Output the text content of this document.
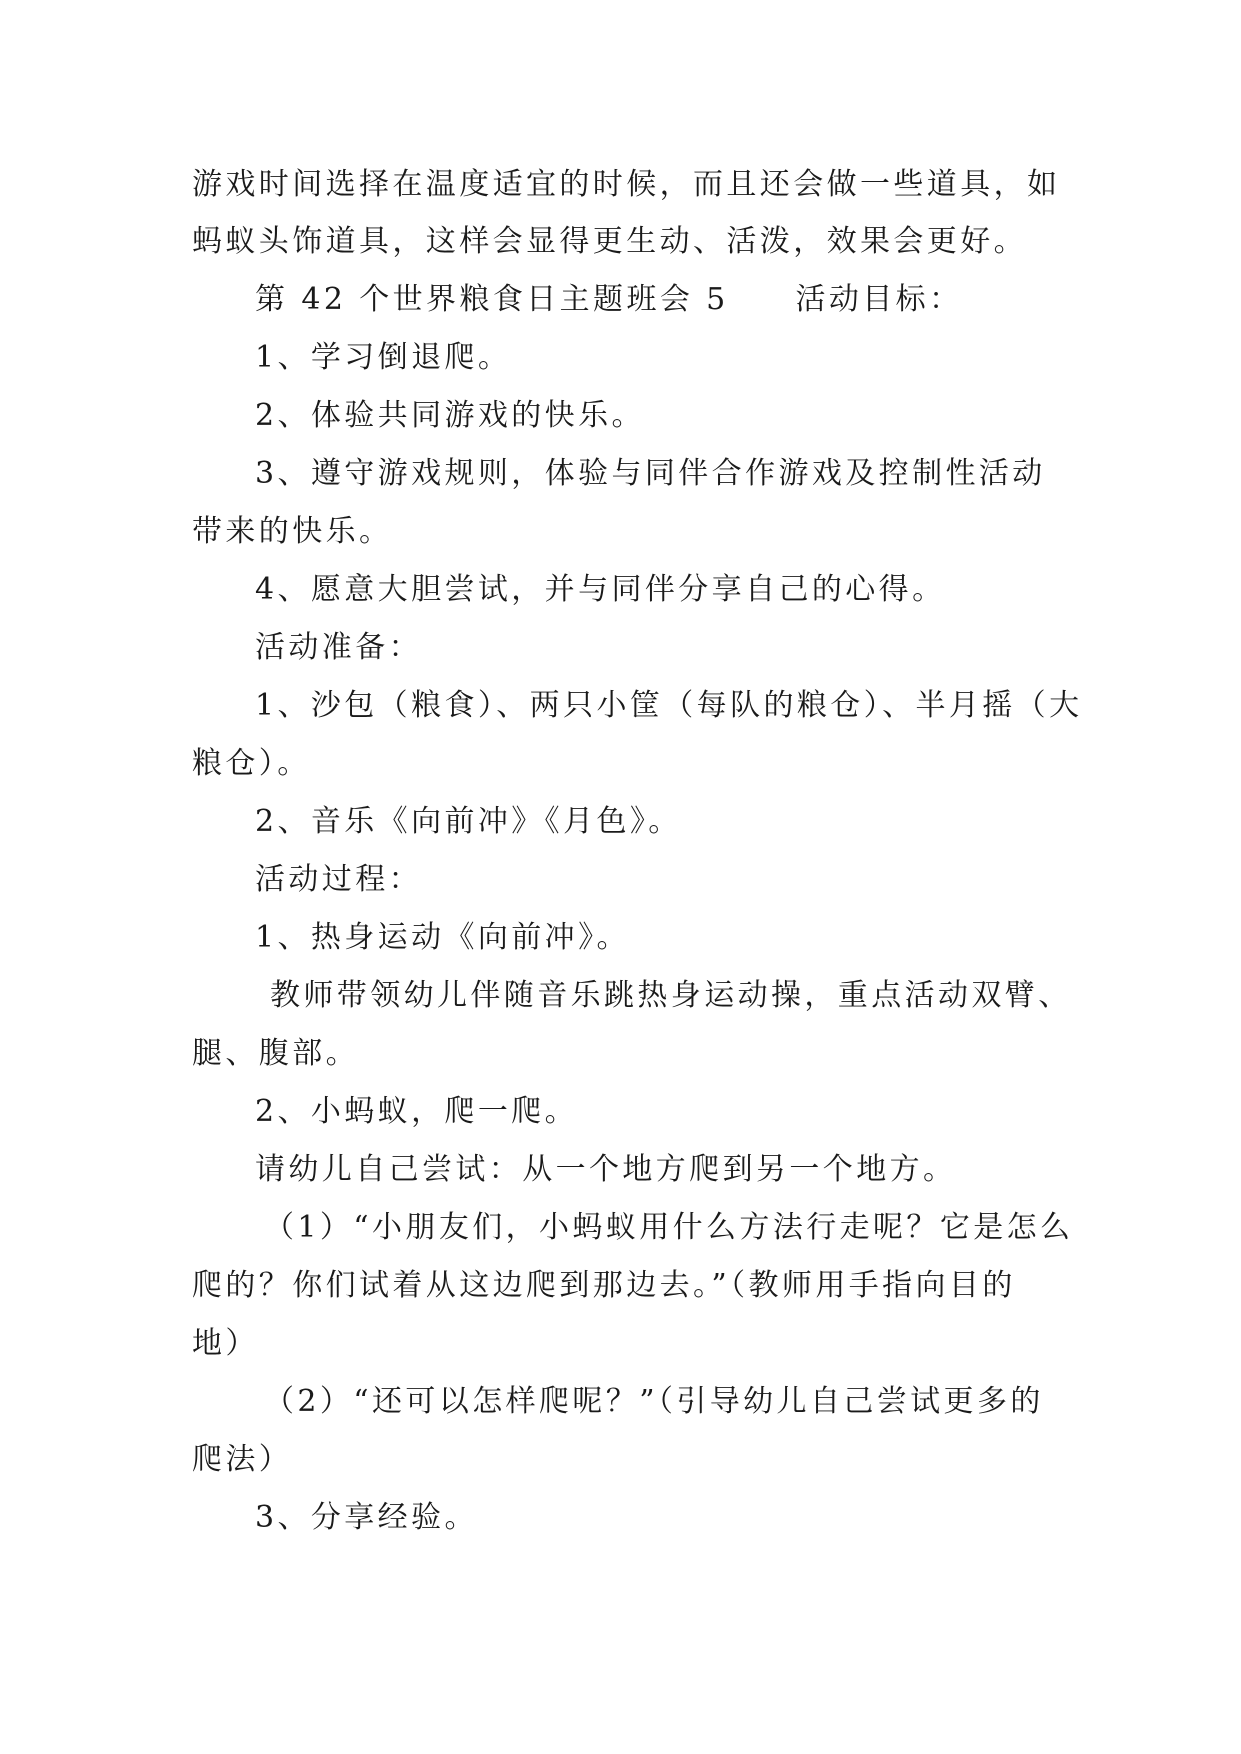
游戏时间选择在温度适宜的时候，而且还会做一些道具，如
蚂蚁头饰道具，这样会显得更生动、活泼，效果会更好。
第 42 个世界粮食日主题班会 5　　活动目标：
1、学习倒退爬。
2、体验共同游戏的快乐。
3、遵守游戏规则，体验与同伴合作游戏及控制性活动
带来的快乐。
4、愿意大胆尝试，并与同伴分享自己的心得。
活动准备：
1、沙包（粮食）、两只小筐（每队的粮仓）、半月摇（大
粮仓）。
2、音乐《向前冲》《月色》。
活动过程：
1、热身运动《向前冲》。
教师带领幼儿伴随音乐跳热身运动操，重点活动双臂、
腿、腹部。
2、小蚂蚁，爬一爬。
请幼儿自己尝试：从一个地方爬到另一个地方。
（1）“小朋友们，小蚂蚁用什么方法行走呢？它是怎么
爬的？你们试着从这边爬到那边去。”（教师用手指向目的
地）
（2）“还可以怎样爬呢？”（引导幼儿自己尝试更多的
爬法）
3、分享经验。
